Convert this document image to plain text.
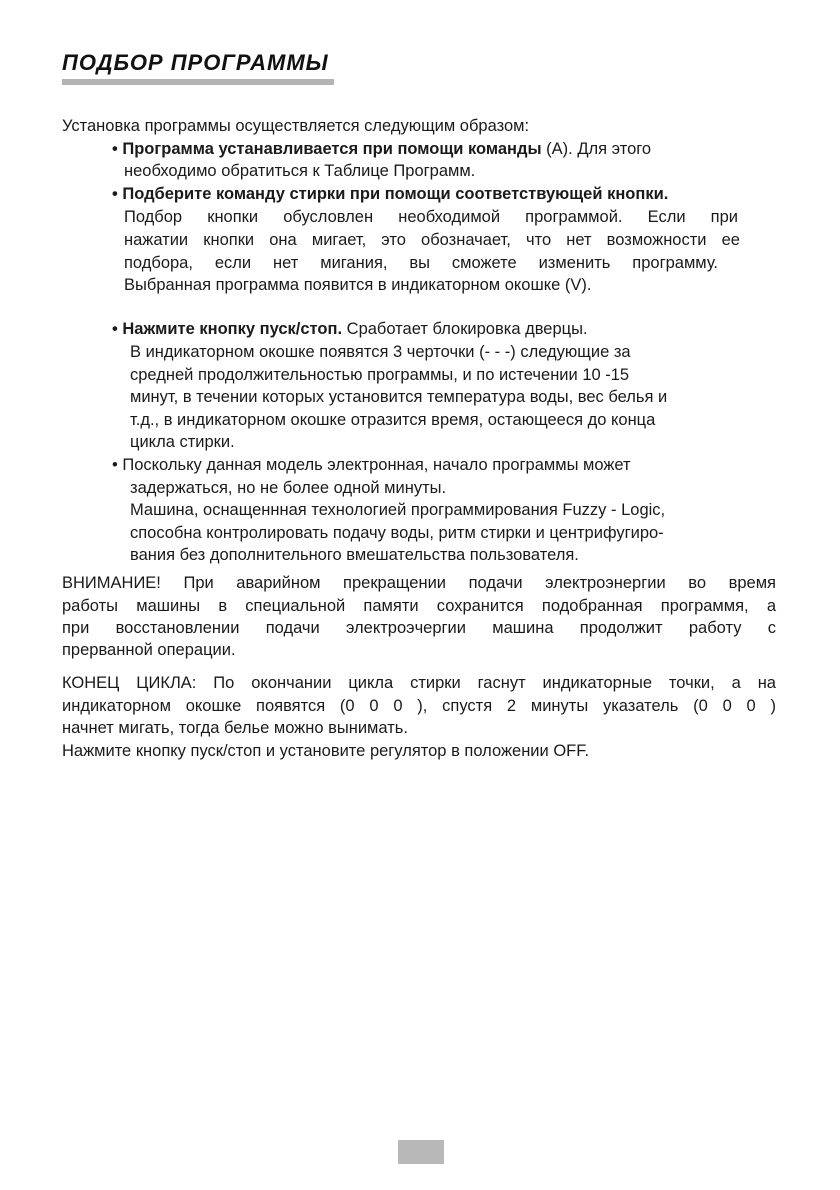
ПОДБОР ПРОГРАММЫ

Установка программы осуществляется следующим образом:

• Программа устанавливается при помощи команды (A). Для этого

необходимо обратиться к Таблице Программ.

• Подберите команду стирки при помощи соответствующей кнопки.

Подбор кнопки обусловлен необходимой программой. Если при

нажатии кнопки она мигает, это обозначает, что нет возможности ее

подбора, если нет мигания, вы сможете изменить программу.

Выбранная программа появится в индикаторном окошке (V).

• Нажмите кнопку пуск/стоп. Сработает блокировка дверцы.

В индикаторном окошке появятся 3 черточки (- - -) следующие за

средней продолжительностью программы, и по истечении 10 -15

минут, в течении которых установится температура воды, вес белья и

т.д., в индикаторном окошке отразится время, остающееся до конца

цикла стирки.

• Поскольку данная модель электронная, начало программы может

задержаться, но не более одной минуты.

Машина, оснащеннная технологией программирования Fuzzy - Logic,

способна контролировать подачу воды, ритм стирки и центрифугиро-

вания без дополнительного вмешательства пользователя.

ВНИМАНИЕ! При аварийном прекращении подачи электроэнергии во время

работы машины в специальной памяти сохранится подобранная программя, а

при восстановлении подачи электроэчергии машина продолжит работу с

прерванной операции.

КОНЕЦ ЦИКЛА: По окончании цикла стирки гаснут индикаторные точки, а на

индикаторном окошке появятся (0 0 0 ), спустя 2 минуты указатель (0 0 0 )

начнет мигать, тогда белье можно вынимать.

Нажмите кнопку пуск/стоп и установите регулятор в положении OFF.
